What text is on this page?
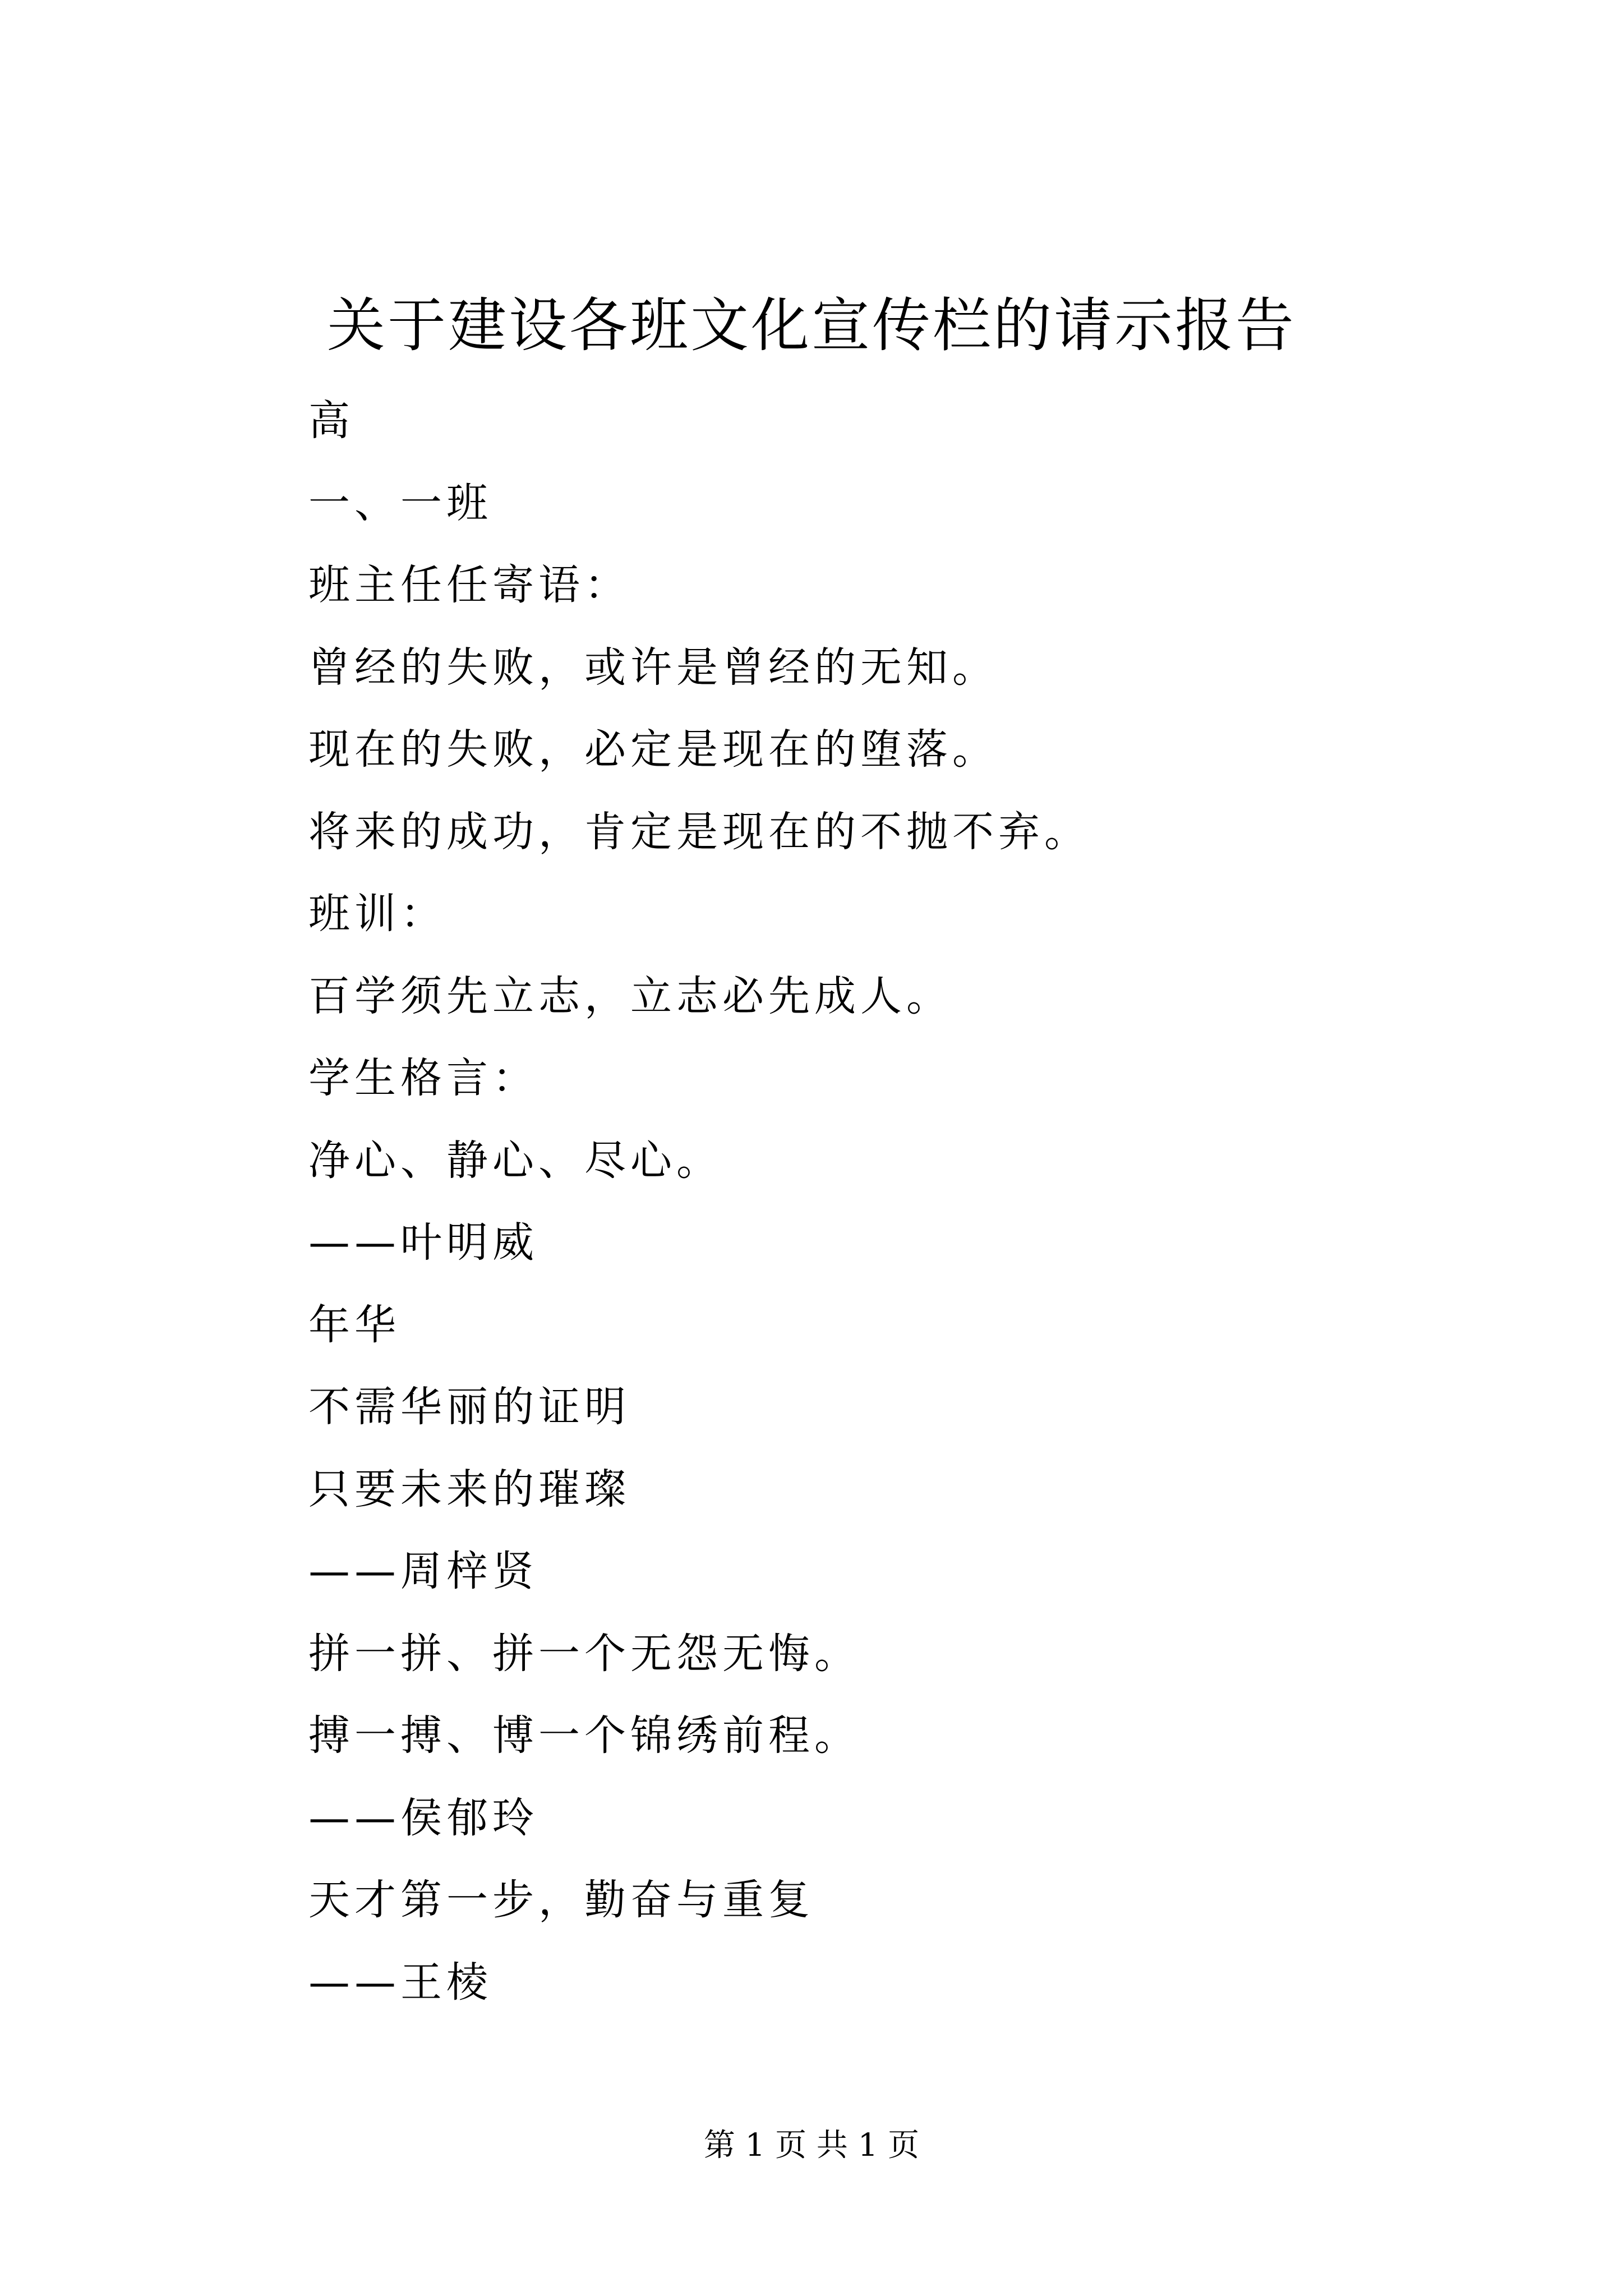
关于建设各班文化宣传栏的请示报告
高
一、一班
班主任任寄语：
曾经的失败，或许是曾经的无知。
现在的失败，必定是现在的堕落。
将来的成功，肯定是现在的不抛不弃。
班训：
百学须先立志，立志必先成人。
学生格言：
净心、静心、尽心。
——叶明威
年华
不需华丽的证明
只要未来的璀璨
——周梓贤
拼一拼、拼一个无怨无悔。
搏一搏、博一个锦绣前程。
——侯郁玲
天才第一步，勤奋与重复
——王棱
第 1 页 共 1 页
